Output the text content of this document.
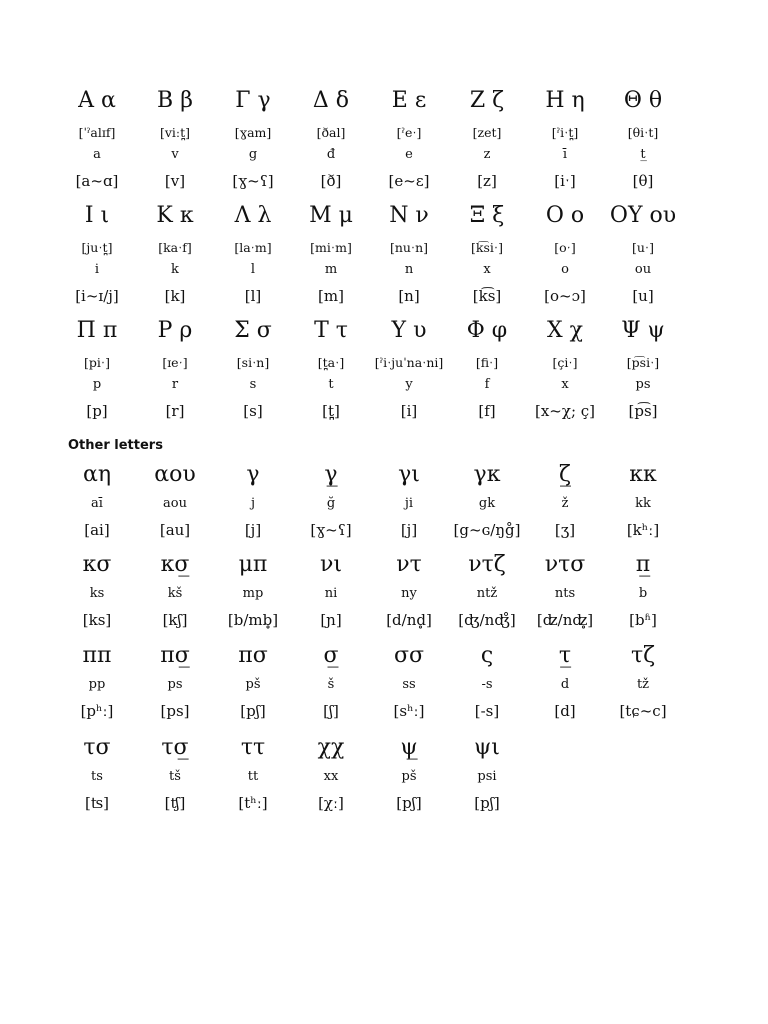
Α α
[ˈˀalɪf]
a
[a~ɑ]
Β β
[viːt̪]
v
[v]
Γ γ
[ɣam]
g
[ɣ~ʕ]
Δ δ
[ðal]
đ
[ð]
Ε ε
[ˀeˑ]
e
[e~ɛ]
Ζ ζ
[zet]
z
[z]
Η η
[ˀiˑt̪]
ī
[iˑ]
Θ θ
[θiˑt]
t̲
[θ]
Ι ι
[juˑt̪]
i
[i~ɪ/j]
Κ κ
[kaˑf]
k
[k]
Λ λ
[laˑm]
l
[l]
Μ μ
[miˑm]
m
[m]
Ν ν
[nuˑn]
n
[n]
Ξ ξ
[k͡siˑ]
x
[k͡s]
Ο ο
[oˑ]
o
[o~ɔ]
ΟΥ ου
[uˑ]
ou
[u]
Π π
[piˑ]
p
[p]
Ρ ρ
[ɪeˑ]
r
[r]
Σ σ
[siˑn]
s
[s]
Τ τ
[t̪aˑ]
t
[t̪]
Υ υ
[ˀiˑjuˈnaˑni]
y
[i]
Φ φ
[fiˑ]
f
[f]
Χ χ
[çiˑ]
x
[x~χ; ç]
Ψ ψ
[p͡siˑ]
ps
[p͡s]
Other letters
αη
aī
[ai]
αου
aou
[au]
γ
j
[j]
γ̲
ğ
[ɣ~ʕ]
γι
ji
[j]
γκ
gk
[g~ɢ/ŋg̊]
ζ̲
ž
[ʒ]
κκ
kk
[kʰː]
κσ
ks
[ks]
κσ̲
kš
[kʃ]
μπ
mp
[b/mb̥]
νι
ni
[ɲ]
ντ
ny
[d/nd̥]
ντζ
ntž
[ʤ/nʤ̊]
ντσ
nts
[ʣ/nʣ̥]
π̲
b
[bʱ]
ππ
pp
[pʰː]
πσ̲
ps
[ps]
πσ
pš
[pʃ]
σ̲
š
[ʃ]
σσ
ss
[sʰː]
ς
-s
[-s]
τ̲
d
[d]
τζ
tž
[tɕ~c]
τσ
ts
[ʦ]
τσ̲
tš
[ʧ]
ττ
tt
[tʰː]
χχ
xx
[χː]
ψ̲
pš
[pʃ]
ψι
psi
[pʃ]
